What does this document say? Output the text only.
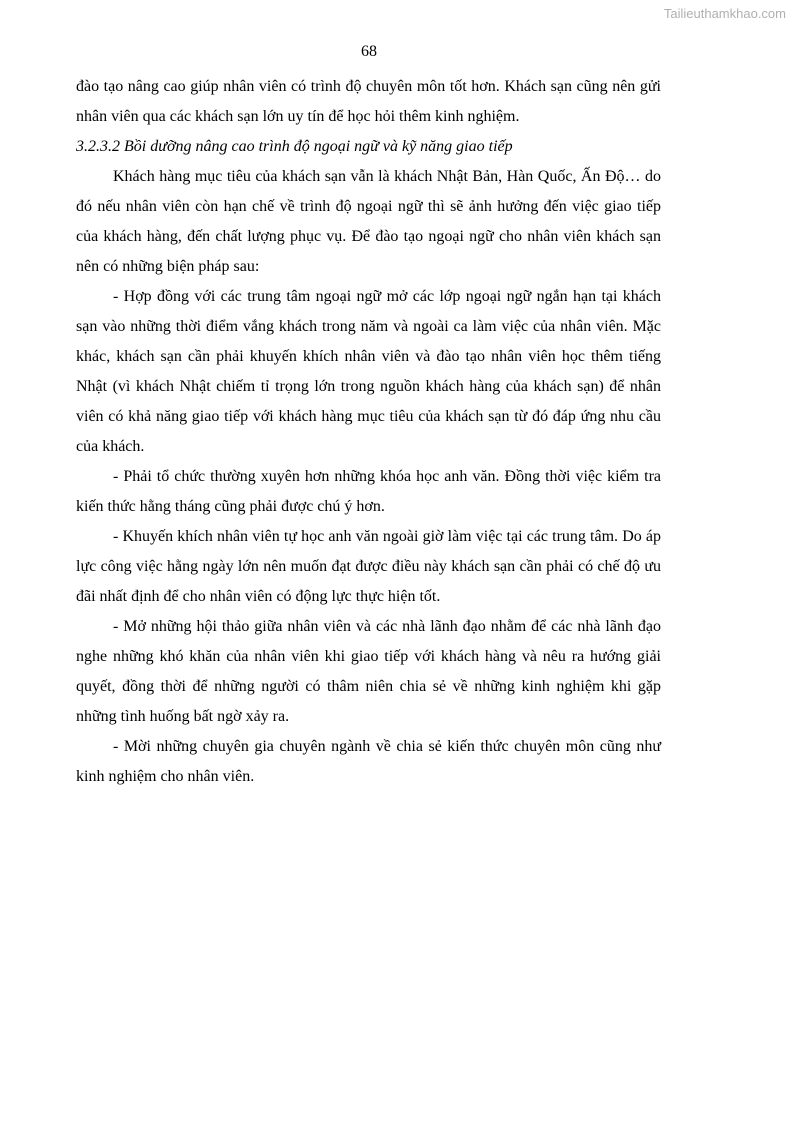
Tailieuthamkhao.com
68

đào tạo nâng cao giúp nhân viên có trình độ chuyên môn tốt hơn. Khách sạn cũng nên gửi nhân viên qua các khách sạn lớn uy tín để học hỏi thêm kinh nghiệm.

3.2.3.2 Bồi dưỡng nâng cao trình độ ngoại ngữ và kỹ năng giao tiếp

Khách hàng mục tiêu của khách sạn vẫn là khách Nhật Bản, Hàn Quốc, Ấn Độ… do đó nếu nhân viên còn hạn chế về trình độ ngoại ngữ thì sẽ ảnh hưởng đến việc giao tiếp của khách hàng, đến chất lượng phục vụ. Để đào tạo ngoại ngữ cho nhân viên khách sạn nên có những biện pháp sau:

- Hợp đồng với các trung tâm ngoại ngữ mở các lớp ngoại ngữ ngắn hạn tại khách sạn vào những thời điểm vắng khách trong năm và ngoài ca làm việc của nhân viên. Mặc khác, khách sạn cần phải khuyến khích nhân viên và đào tạo nhân viên học thêm tiếng Nhật (vì khách Nhật chiếm tỉ trọng lớn trong nguồn khách hàng của khách sạn) để nhân viên có khả năng giao tiếp với khách hàng mục tiêu của khách sạn từ đó đáp ứng nhu cầu của khách.

- Phải tổ chức thường xuyên hơn những khóa học anh văn. Đồng thời việc kiểm tra kiến thức hằng tháng cũng phải được chú ý hơn.

- Khuyến khích nhân viên tự học anh văn ngoài giờ làm việc tại các trung tâm. Do áp lực công việc hằng ngày lớn nên muốn đạt được điều này khách sạn cần phải có chế độ ưu đãi nhất định để cho nhân viên có động lực thực hiện tốt.

- Mở những hội thảo giữa nhân viên và các nhà lãnh đạo nhằm để các nhà lãnh đạo nghe những khó khăn của nhân viên khi giao tiếp với khách hàng và nêu ra hướng giải quyết, đồng thời để những người có thâm niên chia sẻ về những kinh nghiệm khi gặp những tình huống bất ngờ xảy ra.

- Mời những chuyên gia chuyên ngành về chia sẻ kiến thức chuyên môn cũng như kinh nghiệm cho nhân viên.
